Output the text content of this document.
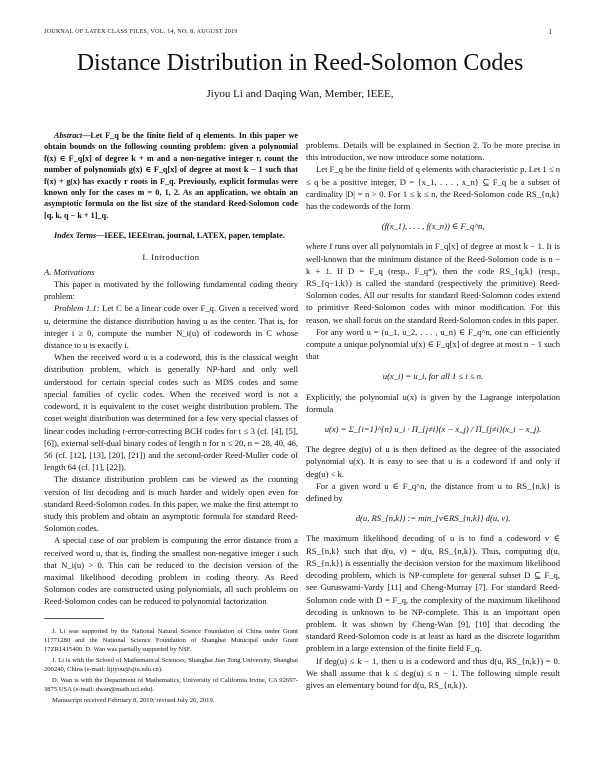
JOURNAL OF LATEX CLASS FILES, VOL. 14, NO. 8, AUGUST 2019	1
Distance Distribution in Reed-Solomon Codes
Jiyou Li and Daqing Wan, Member, IEEE,

Abstract—Let F_q be the finite field of q elements. In this paper we obtain bounds on the following counting problem: given a polynomial f(x) ∈ F_q[x] of degree k + m and a non-negative integer r, count the number of polynomials g(x) ∈ F_q[x] of degree at most k − 1 such that f(x) + g(x) has exactly r roots in F_q. Previously, explicit formulas were known only for the cases m = 0, 1, 2. As an application, we obtain an asymptotic formula on the list size of the standard Reed-Solomon code [q, k, q − k + 1]_q.

Index Terms—IEEE, IEEEtran, journal, LATEX, paper, template.

I. Introduction
A. Motivations

This paper is motivated by the following fundamental coding theory problem:

Problem 1.1: Let C be a linear code over F_q. Given a received word u, determine the distance distribution having u as the center. That is, for integer i ≥ 0, compute the number N_i(u) of codewords in C whose distance to u is exactly i.

When the received word u is a codeword, this is the classical weight distribution problem, which is generally NP-hard and only well understood for certain special codes such as MDS codes and some special families of cyclic codes. When the received word is not a codeword, it is equivalent to the coset weight distribution problem. The coset weight distribution was determined for a few very special classes of linear codes including t-error-correcting BCH codes for t ≤ 3 (cf. [4], [5], [6]), external self-dual binary codes of length n for n ≤ 20, n = 28, 40, 46, 56 (cf. [12], [13], [20], [21]) and the second-order Reed-Muller code of length 64 (cf. [1], [22]).

The distance distribution problem can be viewed as the counting version of list decoding and is much harder and widely open even for standard Reed-Solomon codes. In this paper, we make the first attempt to study this problem and obtain an asymptotic formula for standard Reed-Solomon codes.

A special case of our problem is computing the error distance from a received word u, that is, finding the smallest non-negative integer i such that N_i(u) > 0. This can be reduced to the decision version of the maximal likelihood decoding problem in coding theory. As Reed Solomon codes are constructed using polynomials, all such problems on Reed-Solomon codes can be reduced to polynomial factorization

J. Li was supported by the National Natural Science Foundation of China under Grant 11771280 and the National Science Foundation of Shanghai Municipal under Grant 17ZR1415400. D. Wan was partially supported by NSF.

J. Li is with the School of Mathematical Sciences, Shanghai Jiao Tong University, Shanghai 200240, China (e-mail: lijiyou@sjtu.edu.cn).

D. Wan is with the Department of Mathematics, University of California Irvine, CA 92697-3875 USA (e-mail: dwan@math.uci.edu).

Manuscript received February 8, 2019; revised July 26, 2019.

problems. Details will be explained in Section 2. To be more precise in this introduction, we now introduce some notations.

Let F_q be the finite field of q elements with characteristic p. Let 1 ≤ n ≤ q be a positive integer, D = {x_1, . . . , x_n} ⊆ F_q be a subset of cardinality |D| = n > 0. For 1 ≤ k ≤ n, the Reed-Solomon code RS_{n,k} has the codewords of the form

(f(x_1), . . . , f(x_n)) ∈ F_q^n,

where f runs over all polynomials in F_q[x] of degree at most k − 1. It is well-known that the minimum distance of the Reed-Solomon code is n − k + 1. If D = F_q (resp., F_q*), then the code RS_{q,k} (resp., RS_{q−1,k}) is called the standard (respectively the primitive) Reed-Solomon codes. All our results for standard Reed-Solomon codes extend to primitive Reed-Solomon codes with minor modification. For this reason, we shall focus on the standard Reed-Solomon codes in this paper.

For any word u = (u_1, u_2, . . . , u_n) ∈ F_q^n, one can efficiently compute a unique polynomial u(x) ∈ F_q[x] of degree at most n − 1 such that

u(x_i) = u_i, for all 1 ≤ i ≤ n.

Explicitly, the polynomial u(x) is given by the Lagrange interpolation formula

u(x) = Σ_{i=1}^{n} u_i · Π_{j≠i}(x − x_j) / Π_{j≠i}(x_i − x_j).

The degree deg(u) of u is then defined as the degree of the associated polynomial u(x). It is easy to see that u is a codeword if and only if deg(u) < k.

For a given word u ∈ F_q^n, the distance from u to RS_{n,k} is defined by

d(u, RS_{n,k}) := min_{v∈RS_{n,k}} d(u, v).

The maximum likelihood decoding of u is to find a codeword v ∈ RS_{n,k} such that d(u, v) = d(u, RS_{n,k}). Thus, computing d(u, RS_{n,k}) is essentially the decision version for the maximum likelihood decoding problem, which is NP-complete for general subset D ⊆ F_q, see Guruswami-Vardy [11] and Cheng-Murray [7]. For standard Reed-Solomon code with D = F_q, the complexity of the maximum likelihood decoding is unknown to be NP-complete. This is an important open problem. It was shown by Cheng-Wan [9], [10] that decoding the standard Reed-Solomon code is at least as hard as the discrete logarithm problem in a large extension of the finite field F_q.

If deg(u) ≤ k − 1, then u is a codeword and thus d(u, RS_{n,k}) = 0. We shall assume that k ≤ deg(u) ≤ n − 1. The following simple result gives an elementary bound for d(u, RS_{n,k}).
